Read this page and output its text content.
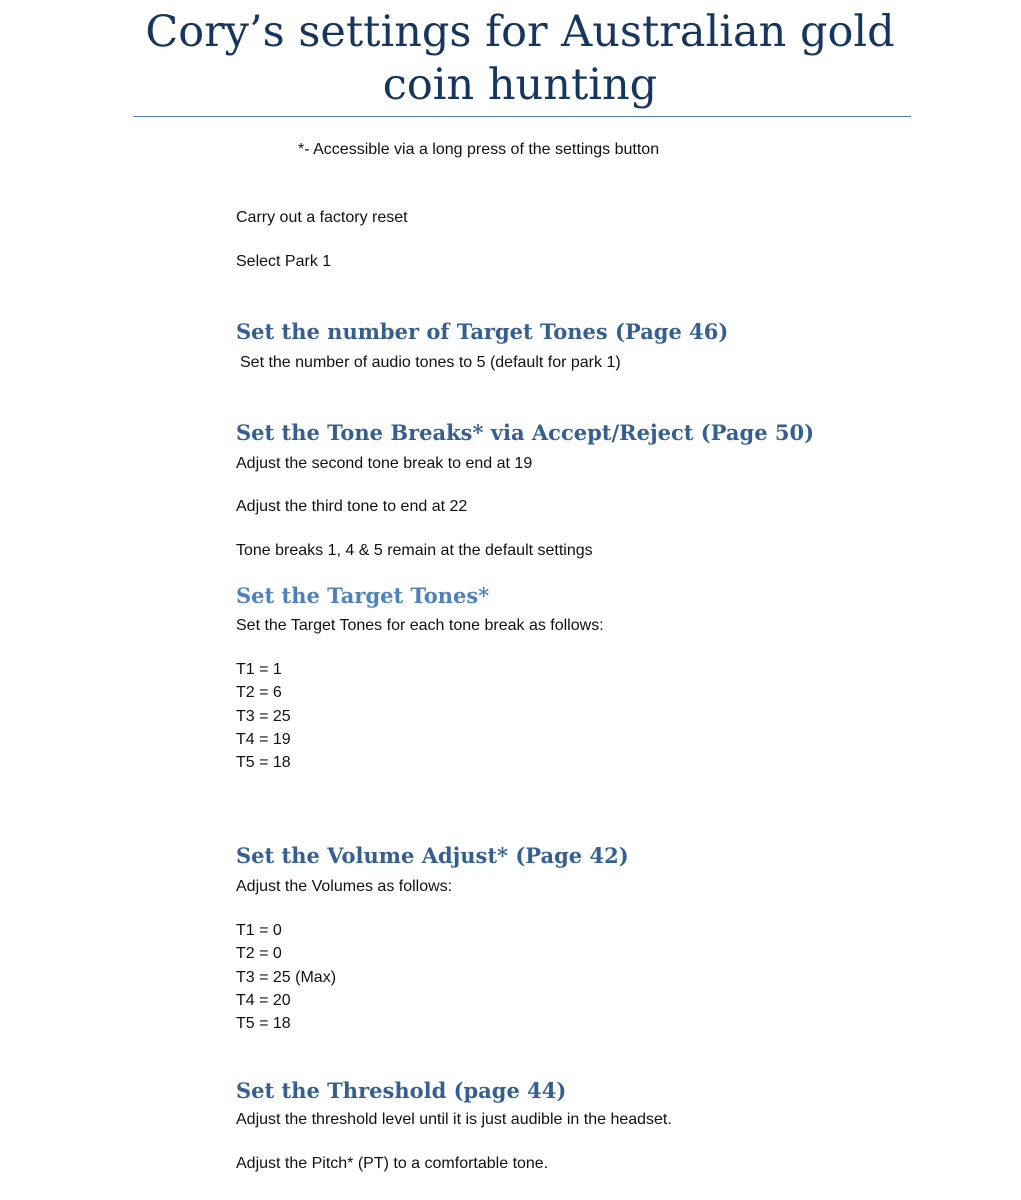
Cory’s settings for Australian gold coin hunting

*- Accessible via a long press of the settings button

Carry out a factory reset

Select Park 1

Set the number of Target Tones (Page 46)

Set the number of audio tones to 5 (default for park 1)

Set the Tone Breaks* via Accept/Reject (Page 50)

Adjust the second tone break to end at 19

Adjust the third tone to end at 22

Tone breaks 1, 4 & 5 remain at the default settings

Set the Target Tones*

Set the Target Tones for each tone break as follows:

T1 = 1
T2 = 6
T3 = 25
T4 = 19
T5 = 18
Set the Volume Adjust* (Page 42)

Adjust the Volumes as follows:

T1 = 0
T2 = 0
T3 = 25 (Max)
T4 = 20
T5 = 18
Set the Threshold (page 44)

Adjust the threshold level until it is just audible in the headset.

Adjust the Pitch* (PT) to a comfortable tone.
